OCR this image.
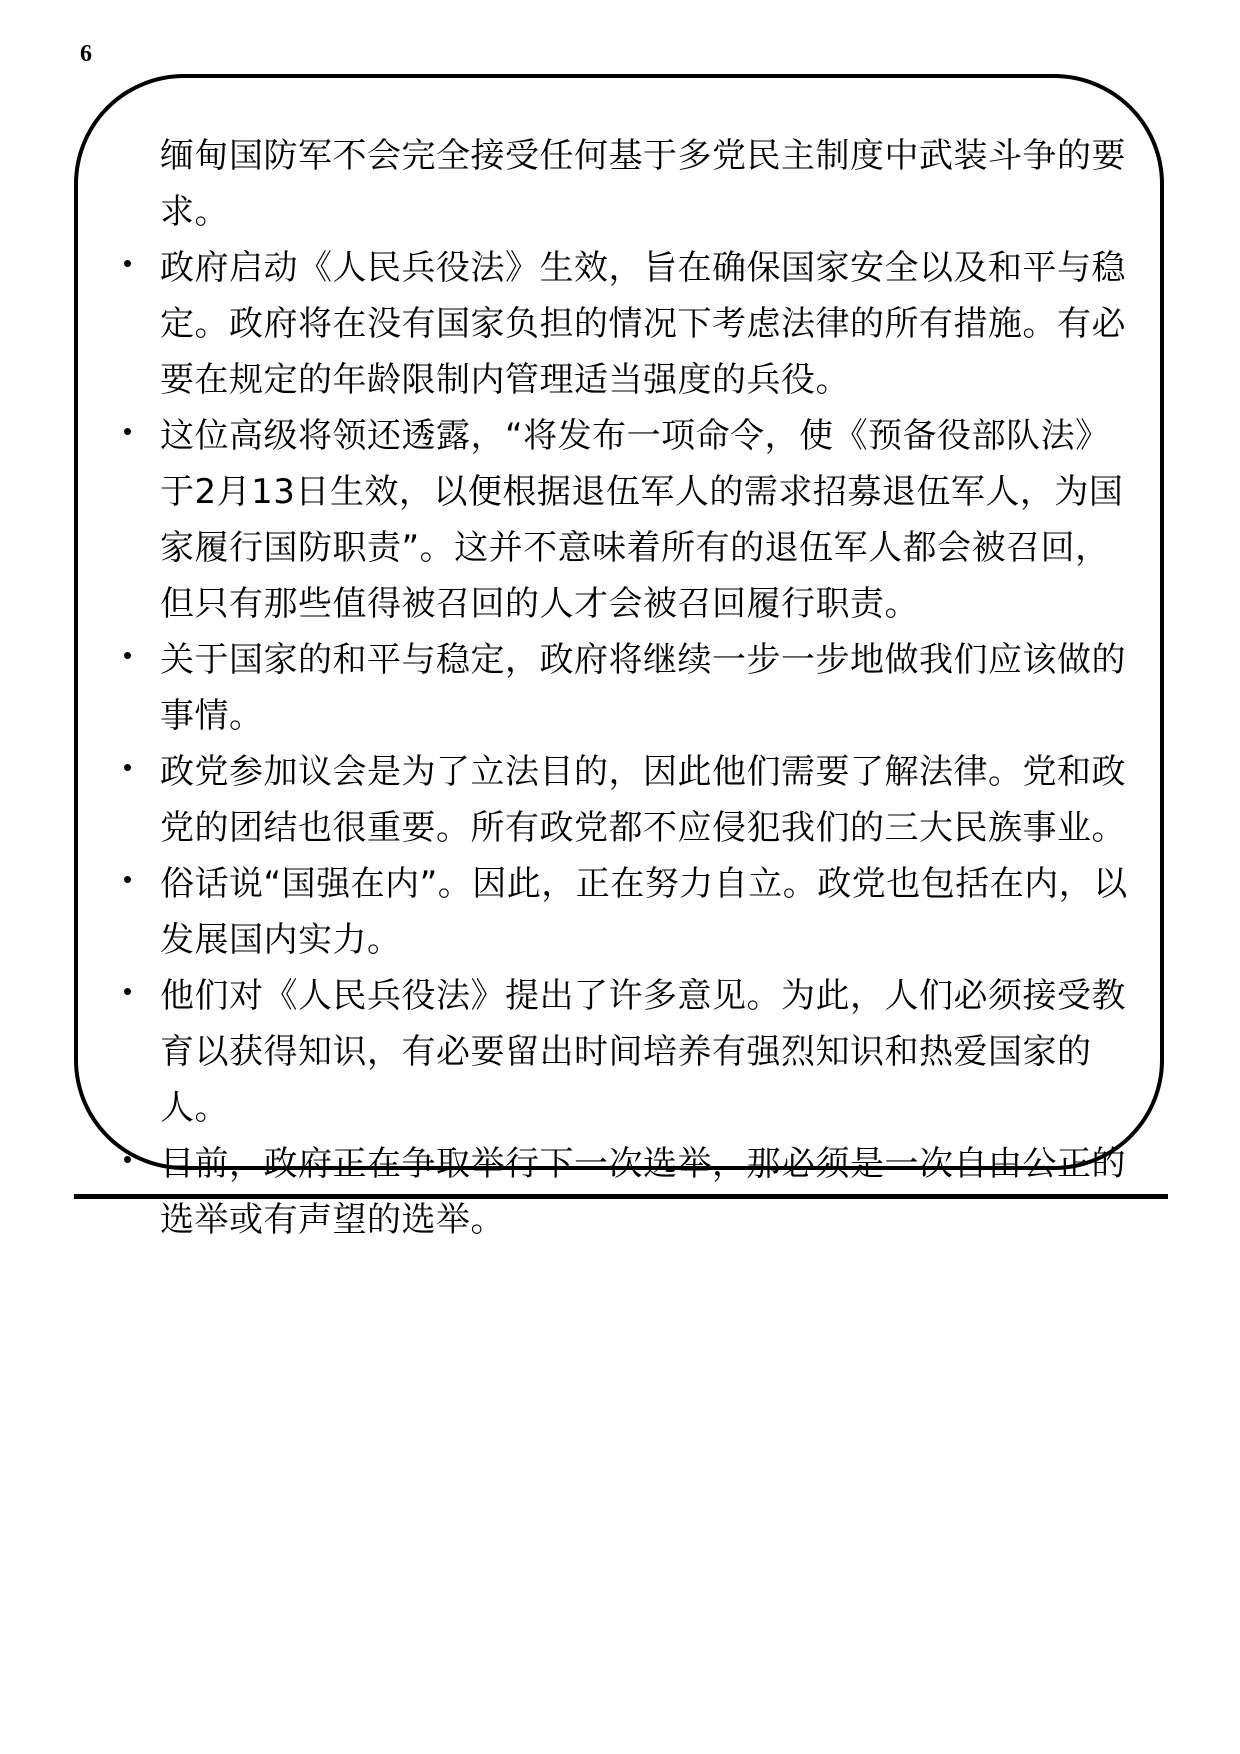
6
缅甸国防军不会完全接受任何基于多党民主制度中武装斗争的要求。
政府启动《人民兵役法》生效，旨在确保国家安全以及和平与稳定。政府将在没有国家负担的情况下考虑法律的所有措施。有必要在规定的年龄限制内管理适当强度的兵役。
这位高级将领还透露，“将发布一项命令，使《预备役部队法》于2月13日生效，以便根据退伍军人的需求招募退伍军人，为国家履行国防职责”。这并不意味着所有的退伍军人都会被召回，但只有那些值得被召回的人才会被召回履行职责。
关于国家的和平与稳定，政府将继续一步一步地做我们应该做的事情。
政党参加议会是为了立法目的，因此他们需要了解法律。党和政党的团结也很重要。所有政党都不应侵犯我们的三大民族事业。
俗话说“国强在内”。因此，正在努力自立。政党也包括在内，以发展国内实力。
他们对《人民兵役法》提出了许多意见。为此，人们必须接受教育以获得知识，有必要留出时间培养有强烈知识和热爱国家的人。
目前，政府正在争取举行下一次选举，那必须是一次自由公正的选举或有声望的选举。
